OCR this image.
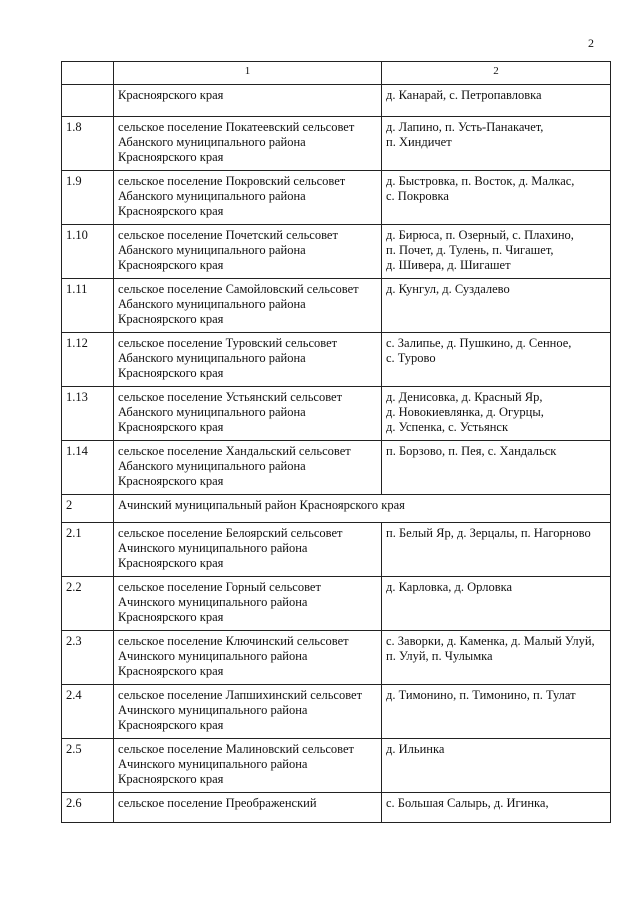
2
	1	2

	Красноярского края	д. Канарай, с. Петропавловка

1.8	сельское поселение Покатеевский сельсовет
Абанского муниципального района
Красноярского края	д. Лапино, п. Усть-Панакачет,
п. Хиндичет

1.9	сельское поселение Покровский сельсовет
Абанского муниципального района
Красноярского края	д. Быстровка, п. Восток, д. Малкас,
с. Покровка

1.10	сельское поселение Почетский сельсовет
Абанского муниципального района
Красноярского края	д. Бирюса, п. Озерный, с. Плахино,
п. Почет, д. Тулень, п. Чигашет,
д. Шивера, д. Шигашет

1.11	сельское поселение Самойловский сельсовет
Абанского муниципального района
Красноярского края	д. Кунгул, д. Суздалево

1.12	сельское поселение Туровский сельсовет
Абанского муниципального района
Красноярского края	с. Залипье, д. Пушкино, д. Сенное,
с. Турово

1.13	сельское поселение Устьянский сельсовет
Абанского муниципального района
Красноярского края	д. Денисовка, д. Красный Яр,
д. Новокиевлянка, д. Огурцы,
д. Успенка, с. Устьянск

1.14	сельское поселение Хандальский сельсовет
Абанского муниципального района
Красноярского края	п. Борзово, п. Пея, с. Хандальск

2	Ачинский муниципальный район Красноярского края	
2.1	сельское поселение Белоярский сельсовет
Ачинского муниципального района
Красноярского края	п. Белый Яр, д. Зерцалы, п. Нагорново

2.2	сельское поселение Горный сельсовет
Ачинского муниципального района
Красноярского края	д. Карловка, д. Орловка

2.3	сельское поселение Ключинский сельсовет
Ачинского муниципального района
Красноярского края	с. Заворки, д. Каменка, д. Малый Улуй,
п. Улуй, п. Чулымка

2.4	сельское поселение Лапшихинский сельсовет
Ачинского муниципального района
Красноярского края	д. Тимонино, п. Тимонино, п. Тулат

2.5	сельское поселение Малиновский сельсовет
Ачинского муниципального района
Красноярского края	д. Ильинка

2.6	сельское поселение Преображенский	с. Большая Салырь, д. Игинка,
